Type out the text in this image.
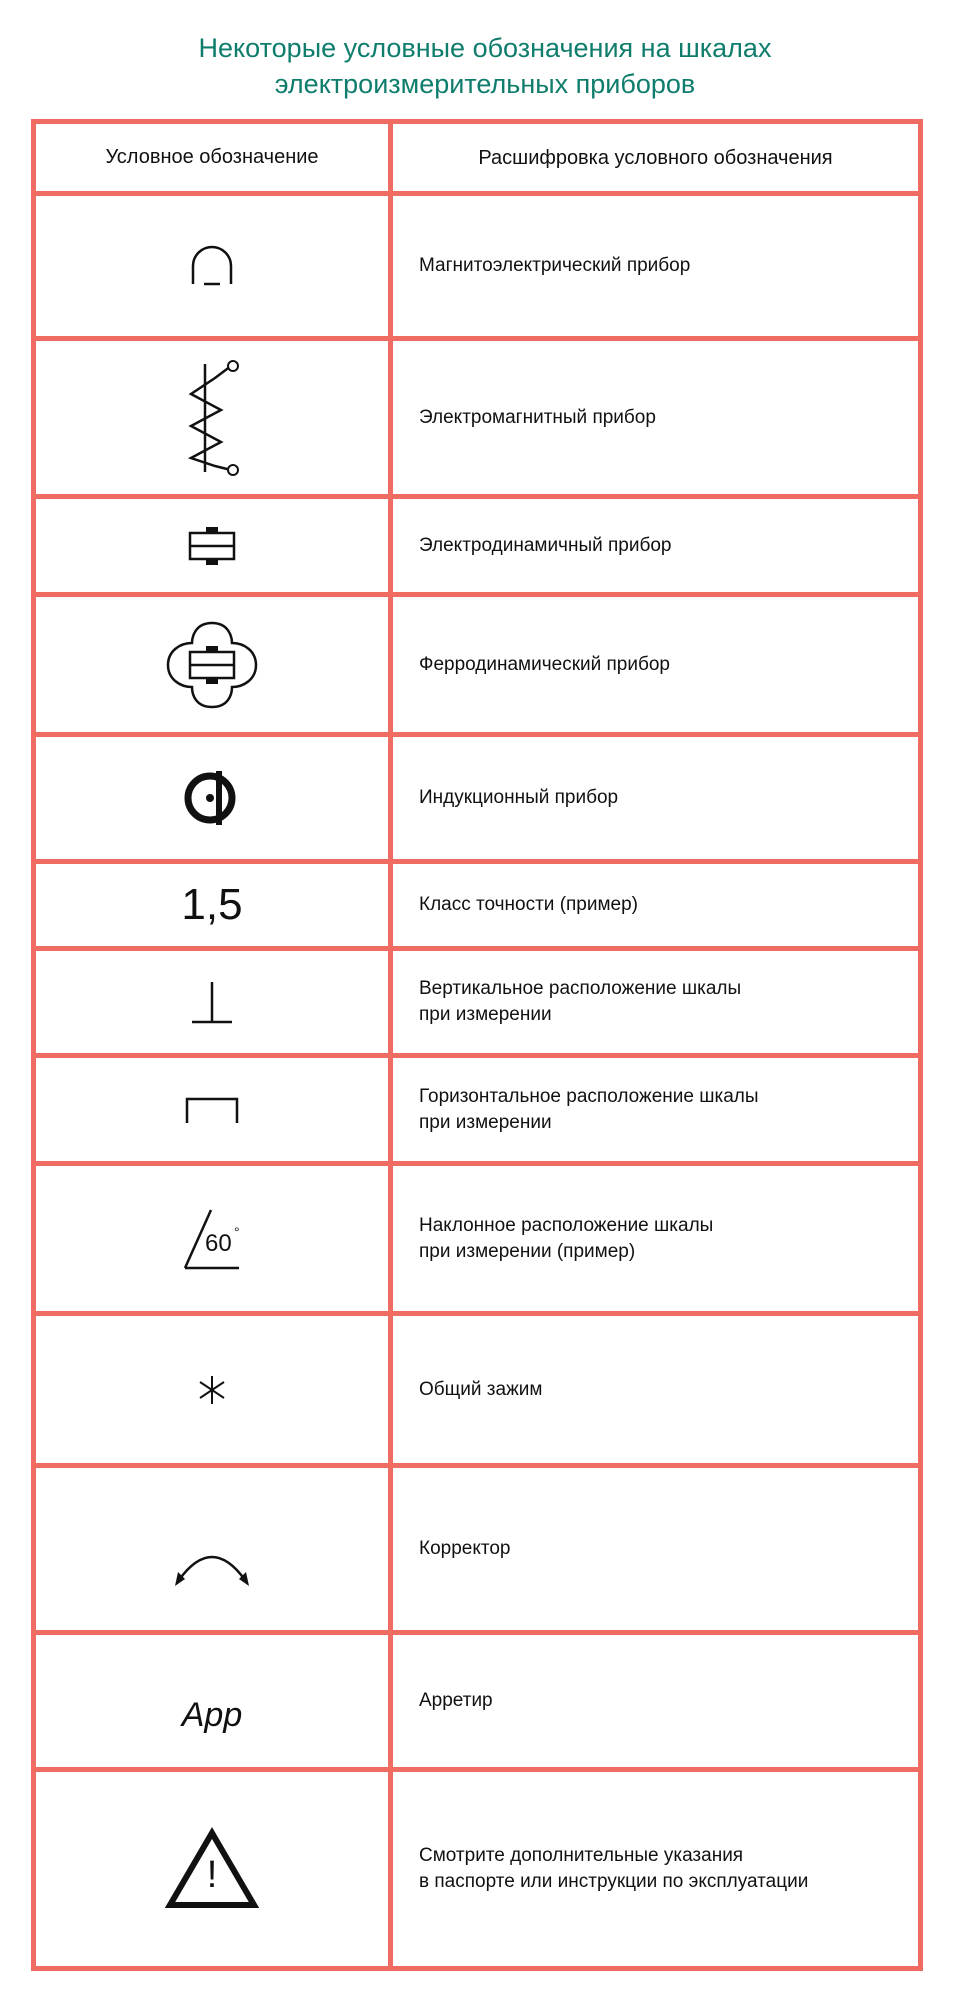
Некоторые условные обозначения на шкалах
электроизмерительных приборов
Условное обозначение	Расшифровка условного обозначения
Магнитоэлектрический прибор
Электромагнитный прибор
Электродинамичный прибор
Ферродинамический прибор
Индукционный прибор
1,5	Класс точности (пример)
Вертикальное расположение шкалы
при измерении
Горизонтальное расположение шкалы
при измерении
60 °	Наклонное расположение шкалы
при измерении (пример)
Общий зажим
Корректор
Арр	Арретир
!	Смотрите дополнительные указания
в паспорте или инструкции по эксплуатации
